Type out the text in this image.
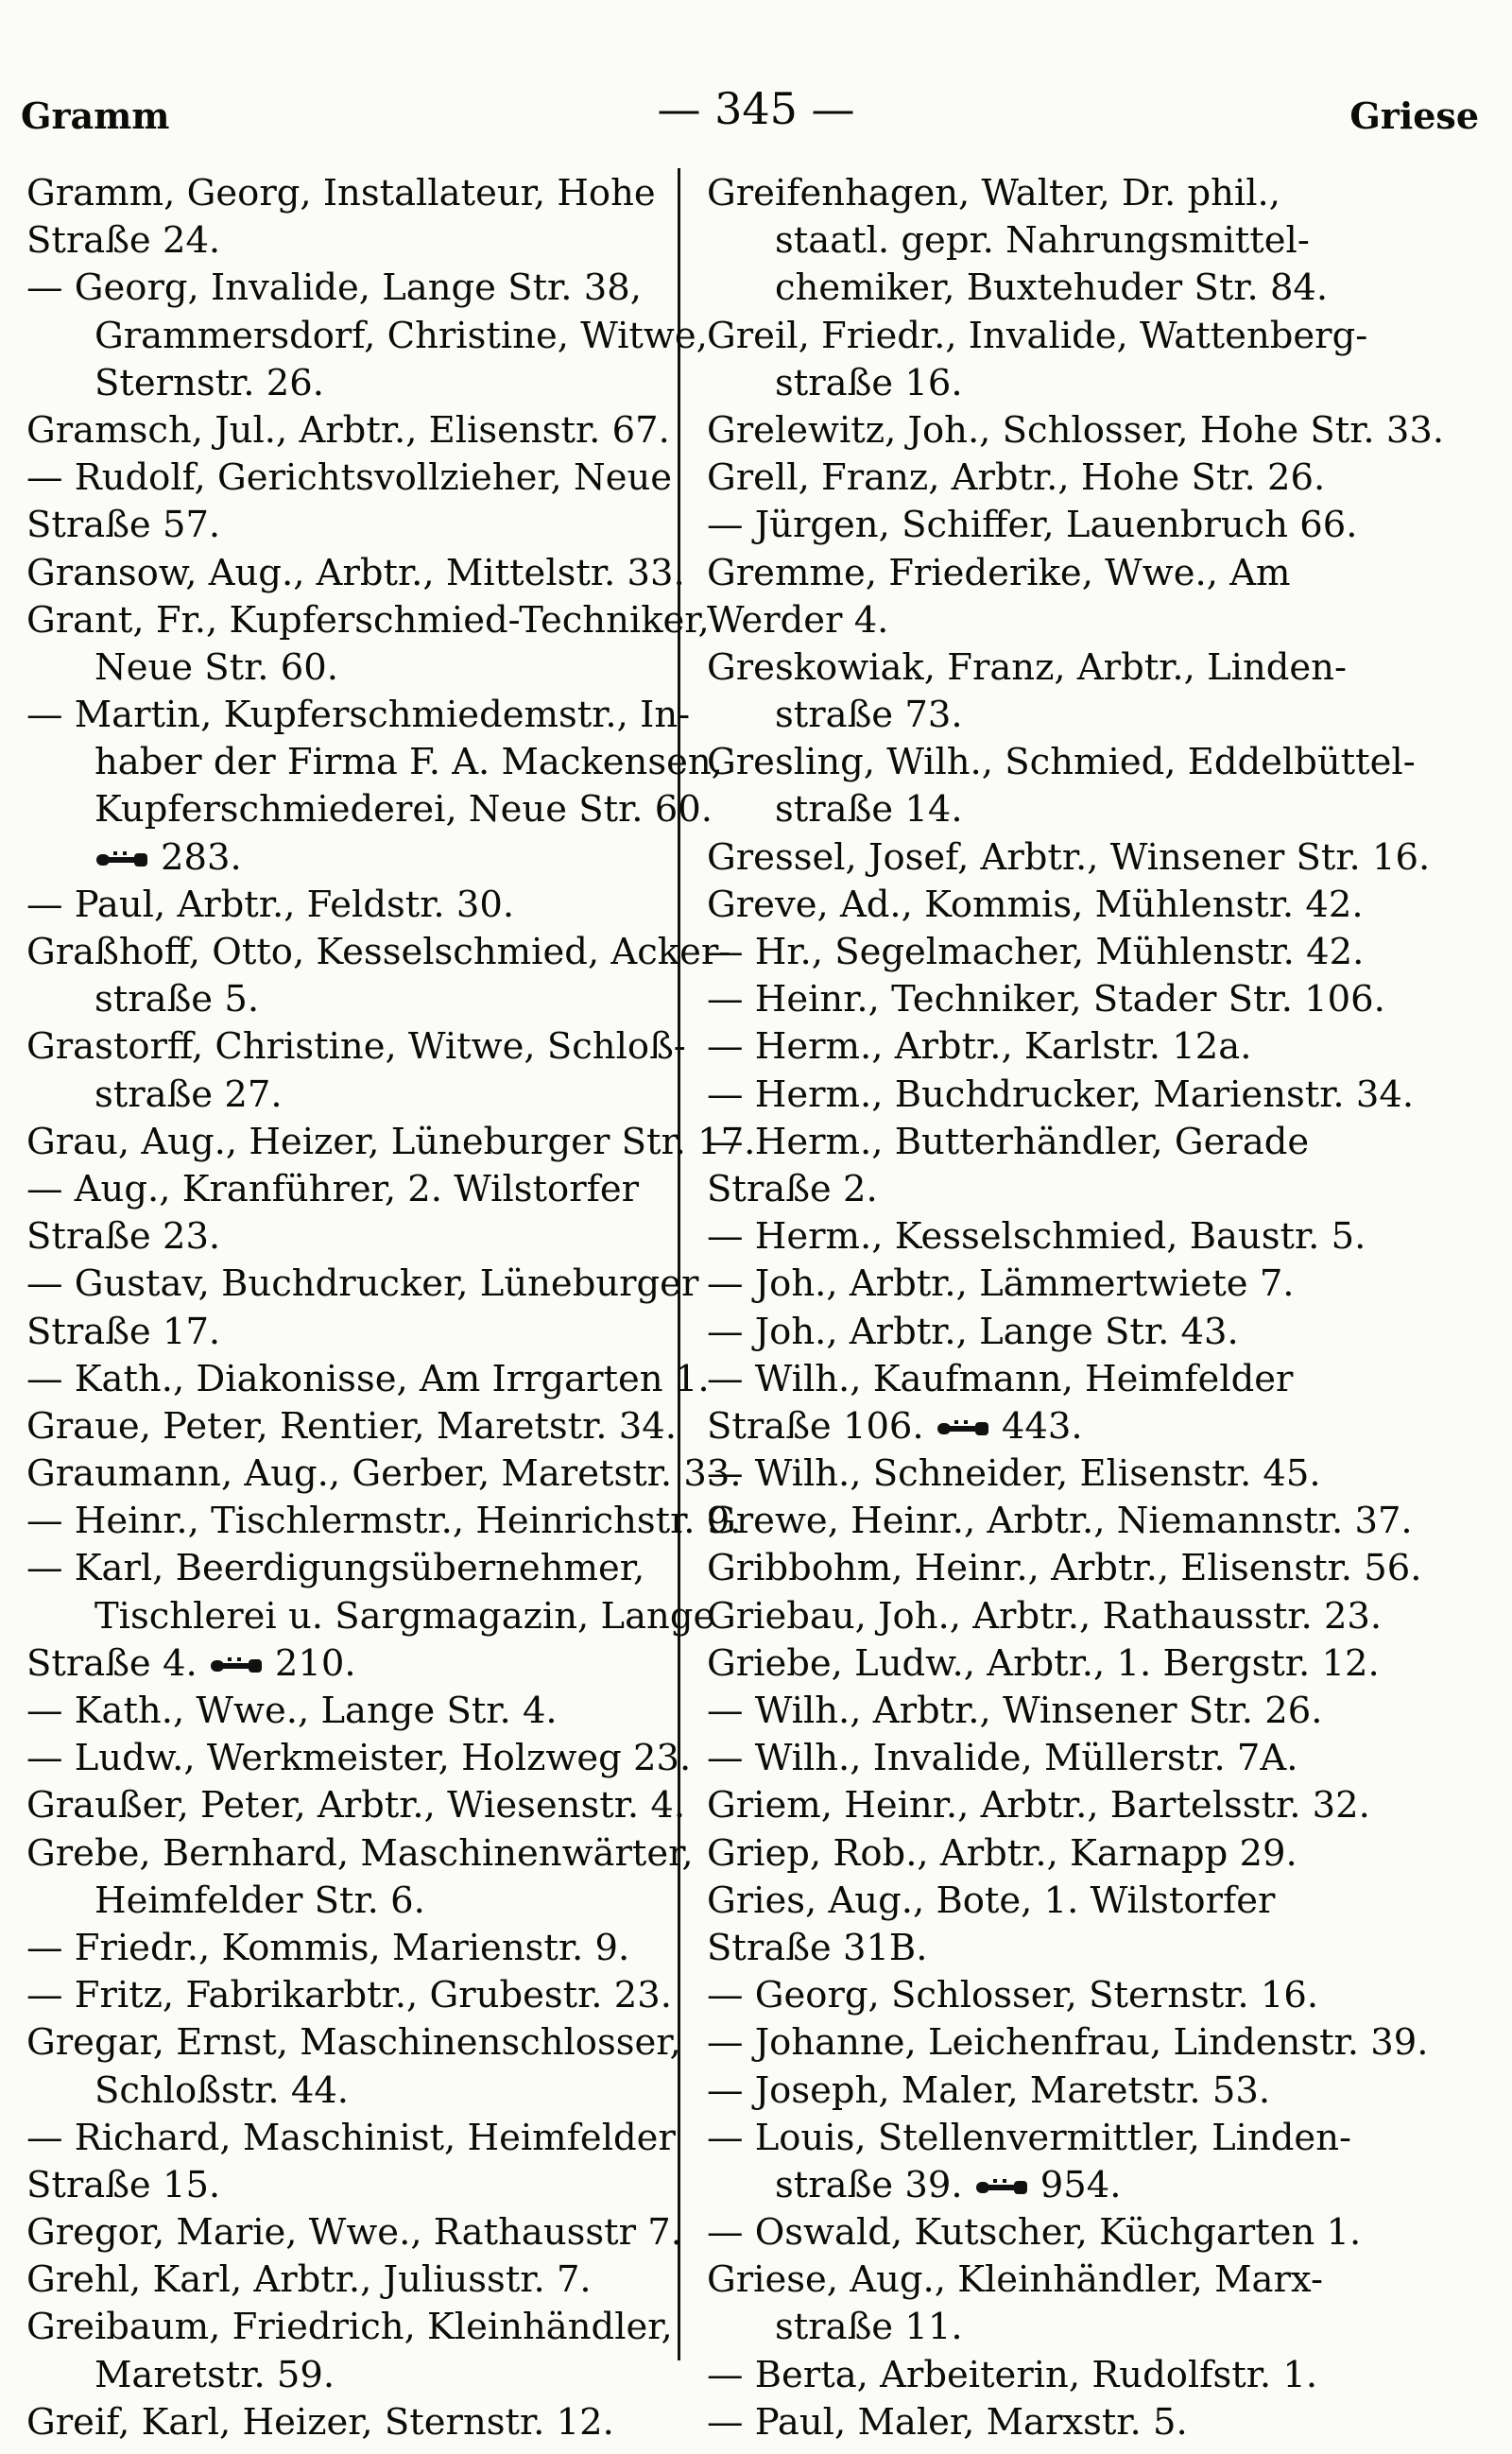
Gramm	— 345 —	Griese
Gramm, Georg, Installateur, Hohe
Straße 24.
— Georg, Invalide, Lange Str. 38,
Grammersdorf, Christine, Witwe,
Sternstr. 26.
Gramsch, Jul., Arbtr., Elisenstr. 67.
— Rudolf, Gerichtsvollzieher, Neue
Straße 57.
Gransow, Aug., Arbtr., Mittelstr. 33.
Grant, Fr., Kupferschmied-Techniker,
Neue Str. 60.
— Martin, Kupferschmiedemstr., In-
haber der Firma F. A. Mackensen,
Kupferschmiederei, Neue Str. 60.
283.
— Paul, Arbtr., Feldstr. 30.
Graßhoff, Otto, Kesselschmied, Acker-
straße 5.
Grastorff, Christine, Witwe, Schloß-
straße 27.
Grau, Aug., Heizer, Lüneburger Str. 17.
— Aug., Kranführer, 2. Wilstorfer
Straße 23.
— Gustav, Buchdrucker, Lüneburger
Straße 17.
— Kath., Diakonisse, Am Irrgarten 1.
Graue, Peter, Rentier, Maretstr. 34.
Graumann, Aug., Gerber, Maretstr. 33.
— Heinr., Tischlermstr., Heinrichstr. 9.
— Karl, Beerdigungsübernehmer,
Tischlerei u. Sargmagazin, Lange
Straße 4. 210.
— Kath., Wwe., Lange Str. 4.
— Ludw., Werkmeister, Holzweg 23.
Graußer, Peter, Arbtr., Wiesenstr. 4.
Grebe, Bernhard, Maschinenwärter,
Heimfelder Str. 6.
— Friedr., Kommis, Marienstr. 9.
— Fritz, Fabrikarbtr., Grubestr. 23.
Gregar, Ernst, Maschinenschlosser,
Schloßstr. 44.
— Richard, Maschinist, Heimfelder
Straße 15.
Gregor, Marie, Wwe., Rathausstr 7.
Grehl, Karl, Arbtr., Juliusstr. 7.
Greibaum, Friedrich, Kleinhändler,
Maretstr. 59.
Greif, Karl, Heizer, Sternstr. 12.
Greifenhagen, Walter, Dr. phil.,
staatl. gepr. Nahrungsmittel-
chemiker, Buxtehuder Str. 84.
Greil, Friedr., Invalide, Wattenberg-
straße 16.
Grelewitz, Joh., Schlosser, Hohe Str. 33.
Grell, Franz, Arbtr., Hohe Str. 26.
— Jürgen, Schiffer, Lauenbruch 66.
Gremme, Friederike, Wwe., Am
Werder 4.
Greskowiak, Franz, Arbtr., Linden-
straße 73.
Gresling, Wilh., Schmied, Eddelbüttel-
straße 14.
Gressel, Josef, Arbtr., Winsener Str. 16.
Greve, Ad., Kommis, Mühlenstr. 42.
— Hr., Segelmacher, Mühlenstr. 42.
— Heinr., Techniker, Stader Str. 106.
— Herm., Arbtr., Karlstr. 12a.
— Herm., Buchdrucker, Marienstr. 34.
— Herm., Butterhändler, Gerade
Straße 2.
— Herm., Kesselschmied, Baustr. 5.
— Joh., Arbtr., Lämmertwiete 7.
— Joh., Arbtr., Lange Str. 43.
— Wilh., Kaufmann, Heimfelder
Straße 106. 443.
— Wilh., Schneider, Elisenstr. 45.
Grewe, Heinr., Arbtr., Niemannstr. 37.
Gribbohm, Heinr., Arbtr., Elisenstr. 56.
Griebau, Joh., Arbtr., Rathausstr. 23.
Griebe, Ludw., Arbtr., 1. Bergstr. 12.
— Wilh., Arbtr., Winsener Str. 26.
— Wilh., Invalide, Müllerstr. 7A.
Griem, Heinr., Arbtr., Bartelsstr. 32.
Griep, Rob., Arbtr., Karnapp 29.
Gries, Aug., Bote, 1. Wilstorfer
Straße 31B.
— Georg, Schlosser, Sternstr. 16.
— Johanne, Leichenfrau, Lindenstr. 39.
— Joseph, Maler, Maretstr. 53.
— Louis, Stellenvermittler, Linden-
straße 39. 954.
— Oswald, Kutscher, Küchgarten 1.
Griese, Aug., Kleinhändler, Marx-
straße 11.
— Berta, Arbeiterin, Rudolfstr. 1.
— Paul, Maler, Marxstr. 5.
